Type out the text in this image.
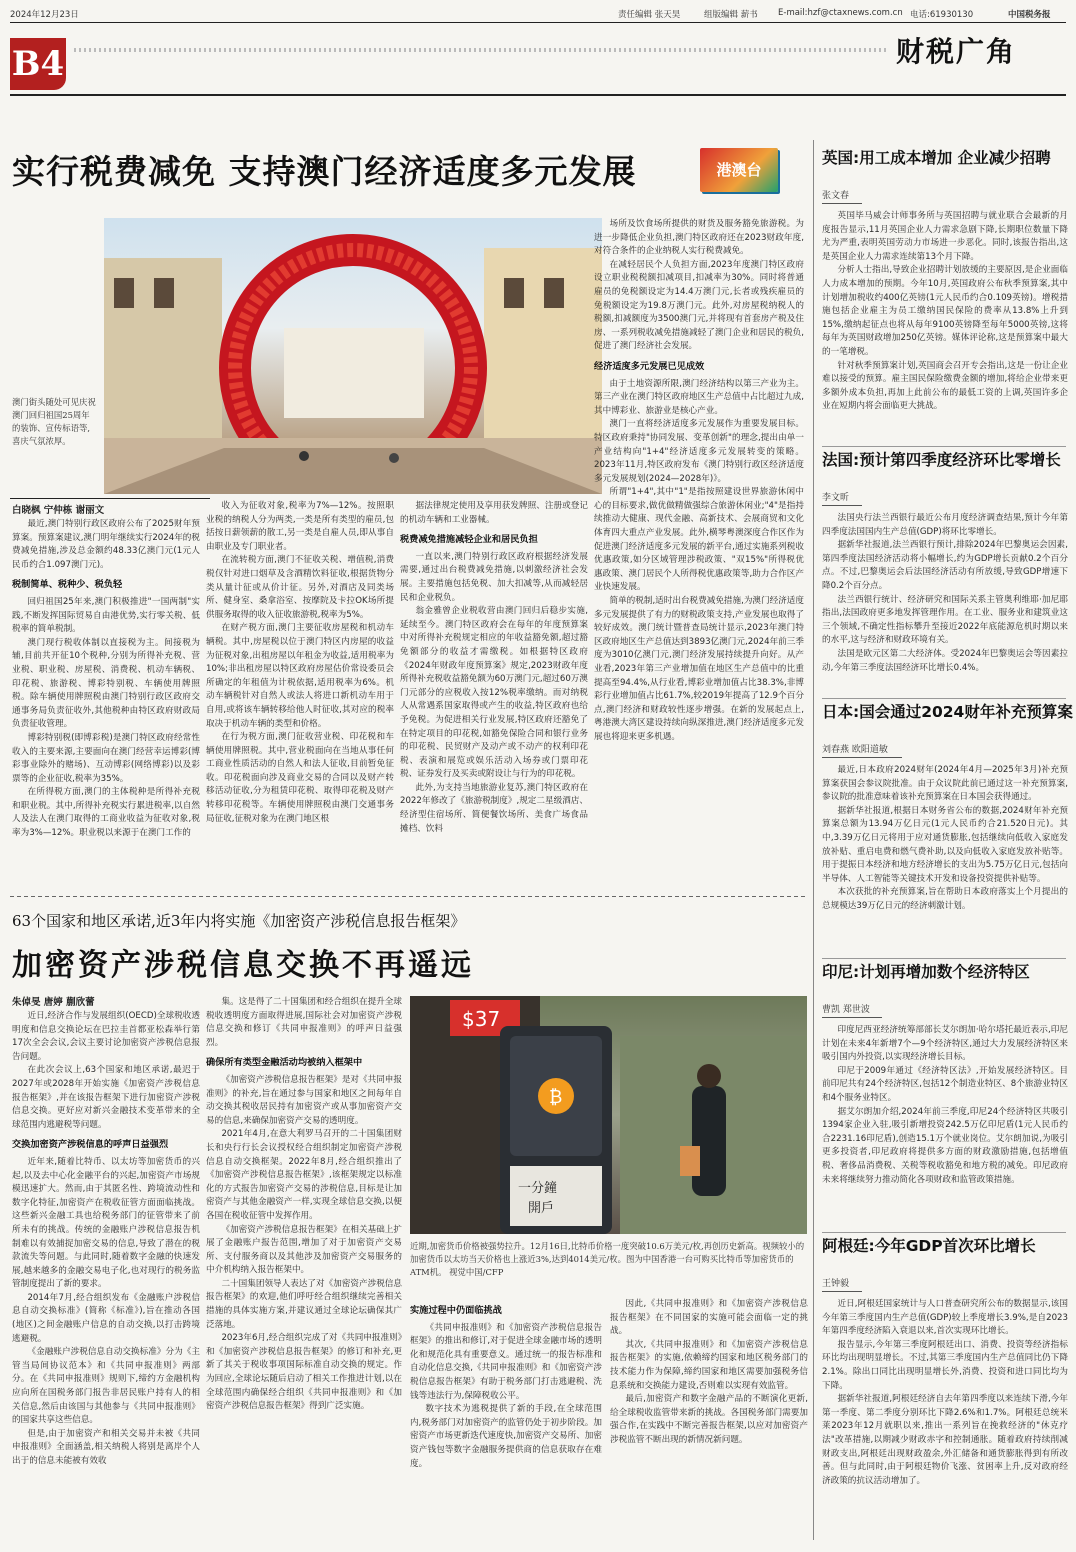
2024年12月23日	责任编辑 张天昊	组版编辑 薪书 E-mail:hzf@ctaxnews.com.cn 电话:61930130	中国税务报
B4	财税广角
实行税费减免 支持澳门经济适度多元发展	港澳台
澳门街头随处可见庆祝澳门回归祖国25周年的装饰、宣传标语等,喜庆气氛浓厚。
白晓枫 宁仲栋 谢丽文

最近,澳门特别行政区政府公布了2025财年预算案。预算案建议,澳门明年继续实行2024年的税费减免措施,涉及总金额约48.33亿澳门元(1元人民币约合1.097澳门元)。

税制简单、税种少、税负轻

回归祖国25年来,澳门积极推进"一国两制"实践,不断发挥国际贸易自由港优势,实行零关税、低税率的简单税制。

澳门现行税收体制以直接税为主。间接税为辅,目前共开征10个税种,分别为所得补充税、营业税、职业税、房屋税、消费税、机动车辆税、印花税、旅游税、博彩特别税、车辆使用牌照税。除车辆使用牌照税由澳门特别行政区政府交通事务局负责征收外,其他税种由特区政府财政局负责征收管理。

博彩特别税(即博彩税)是澳门特区政府经常性收入的主要来源,主要面向在澳门经营幸运博彩(博彩事业除外的赌场)、互动博彩(网络博彩)以及彩票等的企业征收,税率为35%。

在所得税方面,澳门的主体税种是所得补充税和职业税。其中,所得补充税实行累进税率,以自然人及法人在澳门取得的工商业收益为征收对象,税率为3%—12%。职业税以来源于在澳门工作的

收入为征收对象,税率为7%—12%。按照职业税的纳税人分为两类,一类是所有类型的雇员,包括按日薪领薪的散工,另一类是自雇人员,即从事自由职业及专门职业者。

在流转税方面,澳门不征收关税、增值税,消费税仅针对进口烟草及含酒精饮料征收,根据货物分类从量计征或从价计征。另外,对酒店及同类场所、健身室、桑拿浴室、按摩院及卡拉OK场所提供服务取得的收入征收旅游税,税率为5%。

在财产税方面,澳门主要征收房屋税和机动车辆税。其中,房屋税以位于澳门特区内房屋的收益为征税对象,出租房屋以年租金为收益,适用税率为10%;非出租房屋以特区政府房屋估价常设委员会所确定的年租值为计税依据,适用税率为6%。机动车辆税针对自然人或法人将进口新机动车用于自用,或将该车辆转移给他人时征收,其对应的税率取决于机动车辆的类型和价格。

在行为税方面,澳门征收营业税、印花税和车辆使用牌照税。其中,营业税面向在当地从事任何工商业性质活动的自然人和法人征收,目前暂免征收。印花税面向涉及商业交易的合同以及财产转移活动征收,分为租赁印花税、取得印花税及财产转移印花税等。车辆使用牌照税由澳门交通事务局征收,征税对象为在澳门地区根

据法律规定使用及享用获发牌照、注册或登记的机动车辆和工业器械。

税费减免措施减轻企业和居民负担

一直以来,澳门特别行政区政府根据经济发展需要,通过出台税费减免措施,以刺激经济社会发展。主要措施包括免税、加大扣减等,从而减轻居民和企业税负。

翁金雅曾企业税收营由澳门回归后稳步实施,延续至今。澳门特区政府会在每年的年度预算案中对所得补充税规定相应的年收益豁免额,超过豁免额部分的收益才需缴税。如根据特区政府《2024年财政年度预算案》规定,2023财政年度所得补充税收益豁免额为60万澳门元,超过60万澳门元部分的应税收入按12%税率缴纳。而对纳税人从常遇系国家取得或产生的收益,特区政府也给予免税。为促进相关行业发展,特区政府还豁免了在特定项目的印花税,如豁免保险合同和银行业务的印花税、民贸财产及动产或不动产的权利印花税、表演和展览或娱乐活动入场券或门票印花税、证券发行及买卖或附设让与行为的印花税。

此外,为支持当地旅游业复苏,澳门特区政府在2022年修改了《旅游税制度》,规定二星级酒店、经济型住宿场所、简便餐饮场所、美食广场食品摊档、饮料

场所及饮食场所提供的财货及服务豁免旅游税。为进一步降低企业负担,澳门特区政府还在2023财政年度,对符合条件的企业纳税人实行税费减免。

在减轻居民个人负担方面,2023年度澳门特区政府设立职业税税额扣减项目,扣减率为30%。同时将普通雇员的免税额设定为14.4万澳门元,长者或残疾雇员的免税额设定为19.8万澳门元。此外,对房屋税纳税人的税额,扣减额度为3500澳门元,并将现有首套房产税及住房、一系列税收减免措施减轻了澳门企业和居民的税负,促进了澳门经济社会发展。

经济适度多元发展已见成效

由于土地资源所限,澳门经济结构以第三产业为主。第三产业在澳门特区政府地区生产总值中占比超过九成,其中博彩业、旅游业是核心产业。

澳门一直将经济适度多元发展作为重要发展目标。特区政府秉持"协同发展、变革创新"的理念,提出由单一产业结构向"1+4"经济适度多元发展转变的策略。2023年11月,特区政府发布《澳门特别行政区经济适度多元发展规划(2024—2028年)》。

所谓"1+4",其中"1"是指按照建设世界旅游休闲中心的目标要求,做优做精做强综合旅游休闲业;"4"是指持续推动大健康、现代金融、高新技术、会展商贸和文化体育四大重点产业发展。此外,横琴粤澳深度合作区作为促进澳门经济适度多元发展的新平台,通过实施系列税收优惠政策,如分区域管理涉税政策、"双15%"所得税优惠政策、澳门居民个人所得税优惠政策等,助力合作区产业快速发展。

简单的税制,适时出台税费减免措施,为澳门经济适度多元发展提供了有力的财税政策支持,产业发展也取得了较好成效。澳门统计暨普查局统计显示,2023年澳门特区政府地区生产总值达到3893亿澳门元,2024年前三季度为3010亿澳门元,澳门经济发展持续提升向好。从产业看,2023年第三产业增加值在地区生产总值中的比重提高至94.4%,从行业看,博彩业增加值占比38.3%,非博彩行业增加值占比61.7%,较2019年提高了12.9个百分点,澳门经济和财政较性逐步增强。在新的发展起点上,粤港澳大湾区建设持续向纵深推进,澳门经济适度多元发展也将迎来更多机遇。

63个国家和地区承诺,近3年内将实施《加密资产涉税信息报告框架》
加密资产涉税信息交换不再遥远
朱倬旻 唐婷 蒯欣蕾
$37
₿
一分鐘
開戶
近期,加密货币价格被强势拉升。12月16日,比特币价格一度突破10.6万美元/枚,再创历史新高。视频较小的加密货币以太坊当天价格也上涨近3%,达到4014美元/枚。图为中国香港一台可购买比特币等加密货币的ATM机。 视觉中国/CFP

近日,经济合作与发展组织(OECD)全球税收透明度和信息交换论坛在巴拉圭首都亚松森举行第17次全会会议,会议主要讨论加密资产涉税信息报告问题。

在此次会议上,63个国家和地区承诺,最迟于2027年或2028年开始实施《加密资产涉税信息报告框架》,并在该报告框架下进行加密资产涉税信息交换。更好应对新兴金融技术变革带来的全球范围内逃避税等问题。

交换加密资产涉税信息的呼声日益强烈

近年来,随着比特币、以太坊等加密货币的兴起,以及去中心化金融平台的兴起,加密资产市场规模迅速扩大。然而,由于其匿名性、跨境流动性和数字化特征,加密资产在税收征管方面面临挑战。这些新兴金融工具也给税务部门的征管带来了前所未有的挑战。传统的金融账户涉税信息报告机制难以有效捕捉加密交易的信息,导致了潜在的税款流失等问题。与此同时,随着数字金融的快速发展,越来越多的金融交易电子化,也对现行的税务监管制度提出了新的要求。

2014年7月,经合组织发布《金融账户涉税信息自动交换标准》(简称《标准》),旨在推动各国(地区)之间金融账户信息的自动交换,以打击跨境逃避税。

《金融账户涉税信息自动交换标准》分为《主管当局间协议范本》和《共同申报准则》两部分。在《共同申报准则》规则下,缔约方金融机构应向所在国税务部门报告非居民账户持有人的相关信息,然后由该国与其他参与《共同申报准则》的国家共享这些信息。

但是,由于加密资产和相关交易并未被《共同申报准则》全面涵盖,相关纳税人将别是离岸个人出于的信息未能被有效收

集。这是得了二十国集团和经合组织在提升全球税收透明度方面取得进展,国际社会对加密资产涉税信息交换和修订《共同申报准则》的呼声日益强烈。

确保所有类型金融活动均被纳入框架中

《加密资产涉税信息报告框架》是对《共同申报准则》的补充,旨在通过参与国家和地区之间每年自动交换其税收居民持有加密资产或从事加密资产交易的信息,来确保加密资产交易的透明度。

2021年4月,在意大利罗马召开的二十国集团财长和央行行长会议授权经合组织制定加密资产涉税信息自动交换框架。2022年8月,经合组织推出了《加密资产涉税信息报告框架》,该框架规定以标准化的方式报告加密资产交易的涉税信息,目标是让加密资产与其他金融资产一样,实现全球信息交换,以便各国在税收征管中发挥作用。

《加密资产涉税信息报告框架》在相关基础上扩展了金融账户报告范围,增加了对于加密资产交易所、支付服务商以及其他涉及加密资产交易服务的中介机构纳入报告框架中。

二十国集团领导人表达了对《加密资产涉税信息报告框架》的欢迎,他们呼吁经合组织继续完善相关措施的具体实施方案,并建议通过全球论坛确保其广泛落地。

2023年6月,经合组织完成了对《共同申报准则》和《加密资产涉税信息报告框架》的修订和补充,更新了其关于税收事项国际标准自动交换的规定。作为回应,全球论坛随后启动了相关工作推进计划,以在全球范围内确保经合组织《共同申报准则》和《加密资产涉税信息报告框架》得到广泛实施。

实施过程中仍面临挑战

《共同申报准则》和《加密资产涉税信息报告框架》的推出和修订,对于促进全球金融市场的透明化和规范化具有重要意义。通过统一的报告标准和自动化信息交换,《共同申报准则》和《加密资产涉税信息报告框架》有助于税务部门打击逃避税、洗钱等违法行为,保障税收公平。

数字技术为逃税提供了新的手段,在全球范围内,税务部门对加密资产的监管仍处于初步阶段。加密资产市场更新迭代速度快,加密资产交易所、加密资产钱包等数字金融服务提供商的信息获取存在难度。

因此,《共同申报准则》和《加密资产涉税信息报告框架》在不同国家的实施可能会面临一定的挑战。

其次,《共同申报准则》和《加密资产涉税信息报告框架》的实施,依赖缔约国家和地区税务部门的技术能力作为保障,缔约国家和地区需要加强税务信息系统和交换能力建设,否则难以实现有效监管。

最后,加密资产和数字金融产品的不断演化更新,给全球税收监管带来新的挑战。各国税务部门需要加强合作,在实践中不断完善报告框架,以应对加密资产涉税监管不断出现的新情况新问题。

英国:用工成本增加 企业减少招聘
张文春

英国毕马威会计师事务所与英国招聘与就业联合会最新的月度报告显示,11月英国企业人力需求急剧下降,长期职位数量下降尤为严重,表明英国劳动力市场进一步恶化。同时,该报告指出,这是英国企业人力需求连续第13个月下降。

分析人士指出,导致企业招聘计划放缓的主要原因,是企业面临人力成本增加的预期。今年10月,英国政府公布秋季预算案,其中计划增加税收约400亿英镑(1元人民币约合0.109英镑)。增税措施包括企业雇主为员工缴纳国民保险的费率从13.8%上升到15%,缴纳起征点也将从每年9100英镑降至每年5000英镑,这将每年为英国财政增加250亿英镑。媒体评论称,这是预算案中最大的一笔增税。

针对秋季预算案计划,英国商会召开专会指出,这是一份让企业难以接受的预算。雇主国民保险缴费金额的增加,将给企业带来更多额外成本负担,再加上此前公布的最低工资的上调,英国许多企业在短期内将会面临更大挑战。

法国:预计第四季度经济环比零增长
李文昕

法国央行法兰西银行最近公布月度经济调查结果,预计今年第四季度法国国内生产总值(GDP)将环比零增长。

据新华社报道,法兰西银行预计,排除2024年巴黎奥运会因素,第四季度法国经济活动将小幅增长,约为GDP增长贡献0.2个百分点。不过,巴黎奥运会后法国经济活动有所放缓,导致GDP增速下降0.2个百分点。

法兰西银行统计、经济研究和国际关系主管奥利维耶·加尼耶指出,法国政府更多地发挥管理作用。在工业、服务业和建筑业这三个领域,不确定性指标攀升至接近2022年底能源危机时期以来的水平,这与经济和财政环境有关。

法国是欧元区第二大经济体。受2024年巴黎奥运会等因素拉动,今年第三季度法国经济环比增长0.4%。

日本:国会通过2024财年补充预算案
刘春燕 欧阳道敏

最近,日本政府2024财年(2024年4月—2025年3月)补充预算案获国会参议院批准。由于众议院此前已通过这一补充预算案,参议院的批准意味着该补充预算案在日本国会获得通过。

据新华社报道,根据日本财务省公布的数据,2024财年补充预算案总额为13.94万亿日元(1元人民币约合21.520日元)。其中,3.39万亿日元将用于应对通货膨胀,包括继续向低收入家庭发放补贴、重启电费和燃气费补助,以及向低收入家庭发放补贴等。用于提振日本经济和地方经济增长的支出为5.75万亿日元,包括向半导体、人工智能等关键技术开发和设备投资提供补贴等。

本次获批的补充预算案,旨在帮助日本政府落实上个月提出的总规模达39万亿日元的经济刺激计划。

印尼:计划再增加数个经济特区
曹凯 郑世波

印度尼西亚经济统筹部部长艾尔朗加·哈尔塔托最近表示,印尼计划在未来4年新增7个—9个经济特区,通过大力发展经济特区来吸引国内外投资,以实现经济增长目标。

印尼于2009年通过《经济特区法》,开始发展经济特区。目前印尼共有24个经济特区,包括12个制造业特区、8个旅游业特区和4个服务业特区。

据艾尔朗加介绍,2024年前三季度,印尼24个经济特区共吸引1394家企业入驻,吸引新增投资242.5万亿印尼盾(1元人民币约合2231.16印尼盾),创造15.1万个就业岗位。艾尔朗加说,为吸引更多投资者,印尼政府将提供多方面的财政激励措施,包括增值税、奢侈品消费税、关税等税收豁免和地方税的减免。印尼政府未来将继续努力推动简化各项财政和监管政策措施。

阿根廷:今年GDP首次环比增长
王钟毅

近日,阿根廷国家统计与人口普查研究所公布的数据显示,该国今年第三季度国内生产总值(GDP)较上季度增长3.9%,是自2023年第四季度经济陷入衰退以来,首次实现环比增长。

报告显示,今年第三季度阿根廷出口、消费、投资等经济指标环比均出现明显增长。不过,其第三季度国内生产总值同比仍下降2.1%。除出口同比出现明显增长外,消费、投资和进口同比均为下降。

据新华社报道,阿根廷经济自去年第四季度以来连续下滑,今年第一季度、第二季度分别环比下降2.6%和1.7%。阿根廷总统米莱2023年12月就职以来,推出一系列旨在挽救经济的"休克疗法"改革措施,以期减少财政赤字和控制通胀。随着政府持续削减财政支出,阿根廷出现财政盈余,外汇储备和通货膨胀得到有所改善。但与此同时,由于阿根廷物价飞涨、贫困率上升,反对政府经济政策的抗议活动增加了。
